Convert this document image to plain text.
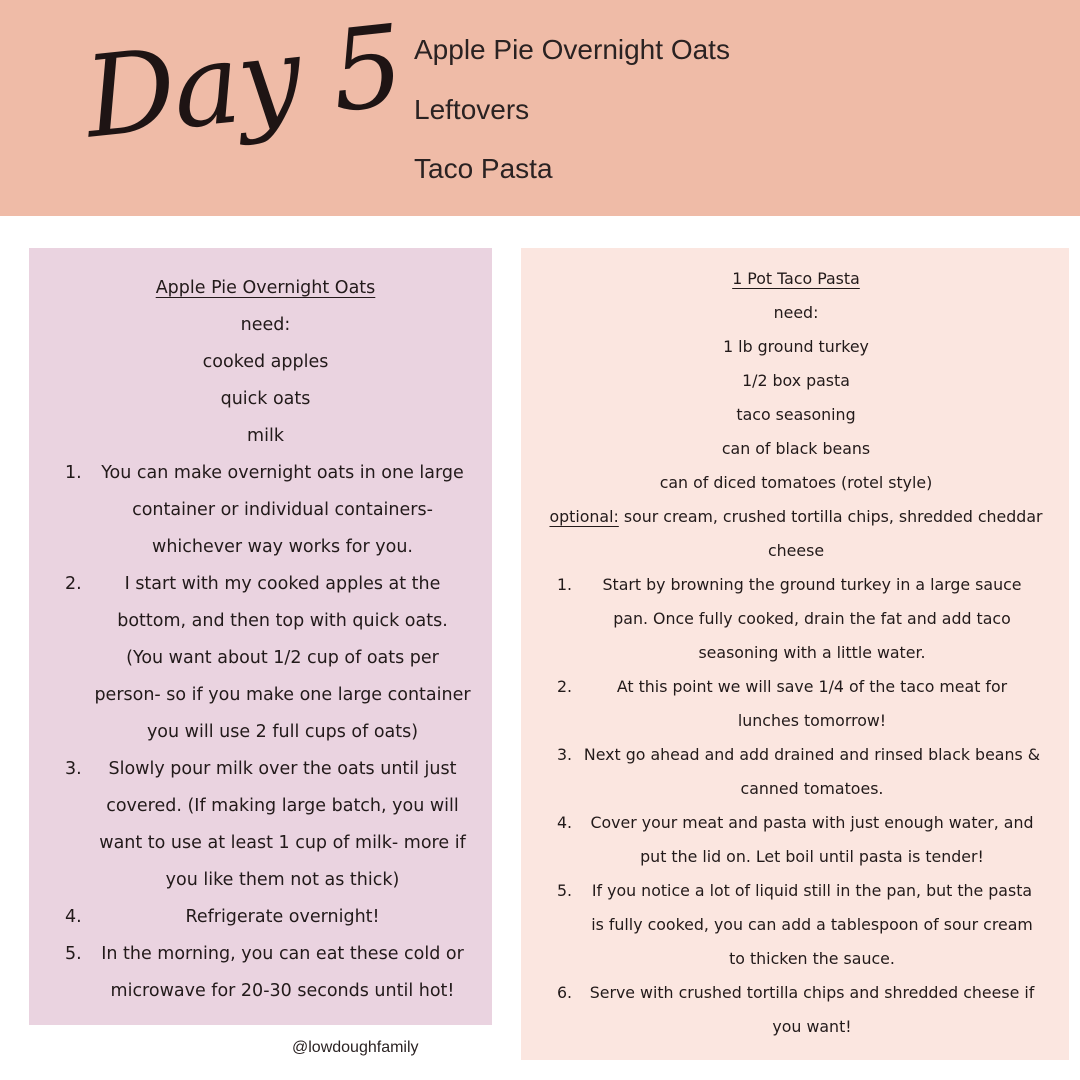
Day 5 Apple Pie Overnight Oats
Leftovers
Taco Pasta
Apple Pie Overnight Oats
need:
cooked apples
quick oats
milk
1.	You can make overnight oats in one large
container or individual containers-
whichever way works for you.
2.	I start with my cooked apples at the
bottom, and then top with quick oats.
(You want about 1/2 cup of oats per
person- so if you make one large container
you will use 2 full cups of oats)
3.	Slowly pour milk over the oats until just
covered. (If making large batch, you will
want to use at least 1 cup of milk- more if
you like them not as thick)
4.	Refrigerate overnight!
5.	In the morning, you can eat these cold or
microwave for 20-30 seconds until hot!
1 Pot Taco Pasta
need:
1 lb ground turkey
1/2 box pasta
taco seasoning
can of black beans
can of diced tomatoes (rotel style)
optional: sour cream, crushed tortilla chips, shredded cheddar
cheese
1.	Start by browning the ground turkey in a large sauce
pan. Once fully cooked, drain the fat and add taco
seasoning with a little water.
2.	At this point we will save 1/4 of the taco meat for
lunches tomorrow!
3. Next go ahead and add drained and rinsed black beans &
canned tomatoes.
4.	Cover your meat and pasta with just enough water, and
put the lid on. Let boil until pasta is tender!
5.	If you notice a lot of liquid still in the pan, but the pasta
is fully cooked, you can add a tablespoon of sour cream
to thicken the sauce.
6.	Serve with crushed tortilla chips and shredded cheese if
you want!
@lowdoughfamily
